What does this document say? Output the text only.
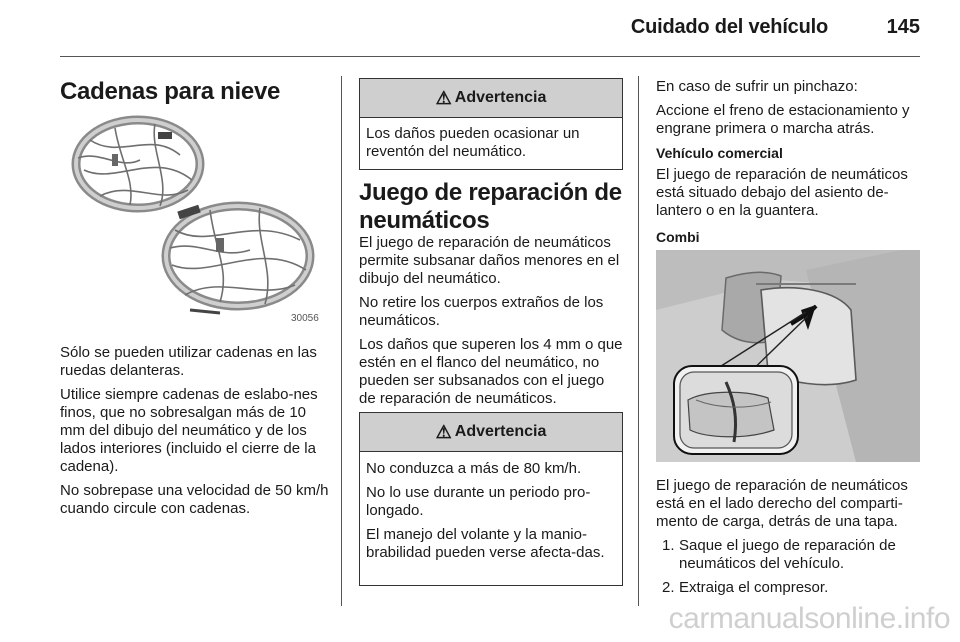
Cuidado del vehículo	145
Cadenas para nieve
30056

Sólo se pueden utilizar cadenas en las ruedas delanteras.

Utilice siempre cadenas de eslabo-nes finos, que no sobresalgan más de 10 mm del dibujo del neumático y de los lados interiores (incluido el cierre de la cadena).

No sobrepase una velocidad de 50 km/h cuando circule con cadenas.

⚠ Advertencia

Los daños pueden ocasionar un reventón del neumático.

Juego de reparación de neumáticos

El juego de reparación de neumáticos permite subsanar daños menores en el dibujo del neumático.

No retire los cuerpos extraños de los neumáticos.

Los daños que superen los 4 mm o que estén en el flanco del neumático, no pueden ser subsanados con el juego de reparación de neumáticos.

⚠ Advertencia

No conduzca a más de 80 km/h.

No lo use durante un periodo pro-longado.

El manejo del volante y la manio-brabilidad pueden verse afecta-das.

En caso de sufrir un pinchazo:

Accione el freno de estacionamiento y engrane primera o marcha atrás.

Vehículo comercial

El juego de reparación de neumáticos está situado debajo del asiento de-lantero o en la guantera.

Combi

El juego de reparación de neumáticos está en el lado derecho del comparti-mento de carga, detrás de una tapa.

1. Saque el juego de reparación de neumáticos del vehículo.
2. Extraiga el compresor.
carmanualsonline.info
